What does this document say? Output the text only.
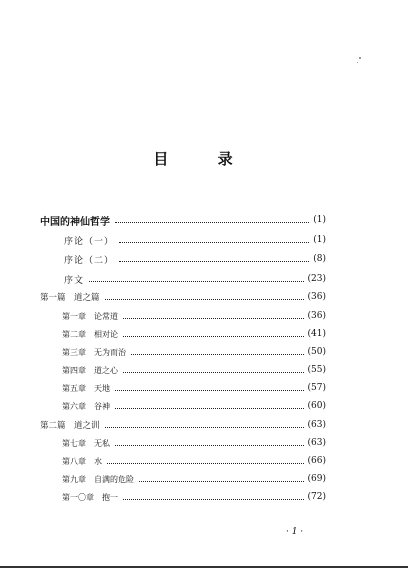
目 录
中国的神仙哲学	(1)
序论（一）	(1)
序论（二）	(8)
序文	(23)
第一篇　道之篇	(36)
第一章　论常道	(36)
第二章　相对论	(41)
第三章　无为而治	(50)
第四章　道之心	(55)
第五章　天地	(57)
第六章　谷神	(60)
第二篇　道之训	(63)
第七章　无私	(63)
第八章　水	(66)
第九章　自满的危险	(69)
第一〇章　抱一	(72)
· 1 ·
